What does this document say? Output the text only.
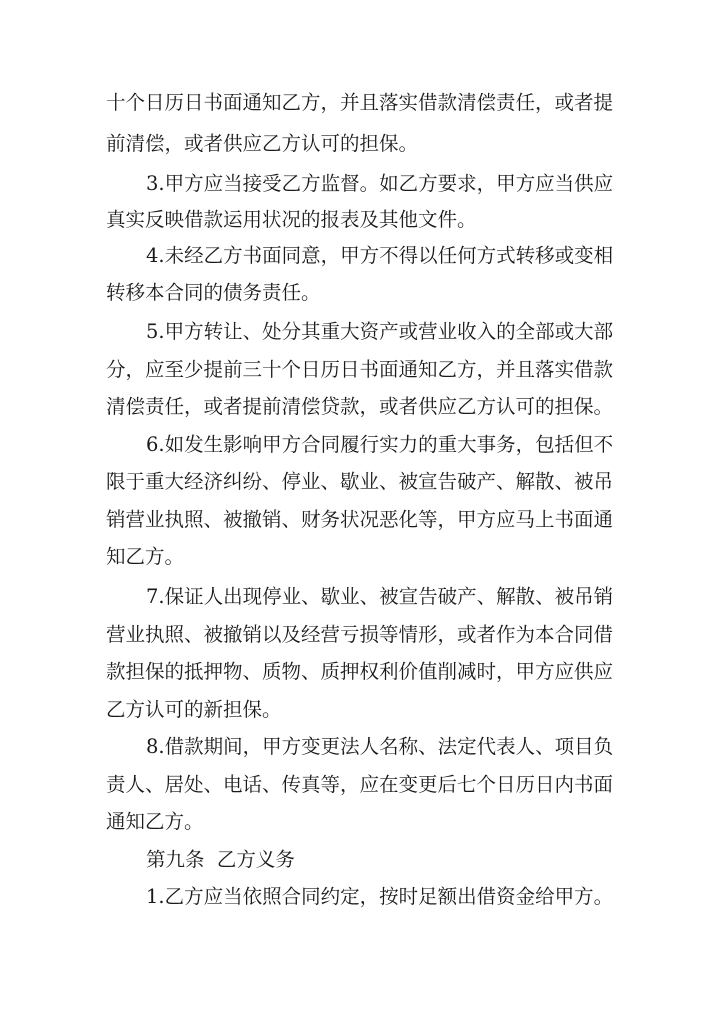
十个日历日书面通知乙方，并且落实借款清偿责任，或者提
前清偿，或者供应乙方认可的担保。
3.甲方应当接受乙方监督。如乙方要求，甲方应当供应
真实反映借款运用状况的报表及其他文件。
4.未经乙方书面同意，甲方不得以任何方式转移或变相
转移本合同的债务责任。
5.甲方转让、处分其重大资产或营业收入的全部或大部
分，应至少提前三十个日历日书面通知乙方，并且落实借款
清偿责任，或者提前清偿贷款，或者供应乙方认可的担保。
6.如发生影响甲方合同履行实力的重大事务，包括但不
限于重大经济纠纷、停业、歇业、被宣告破产、解散、被吊
销营业执照、被撤销、财务状况恶化等，甲方应马上书面通
知乙方。
7.保证人出现停业、歇业、被宣告破产、解散、被吊销
营业执照、被撤销以及经营亏损等情形，或者作为本合同借
款担保的抵押物、质物、质押权利价值削减时，甲方应供应
乙方认可的新担保。
8.借款期间，甲方变更法人名称、法定代表人、项目负
责人、居处、电话、传真等，应在变更后七个日历日内书面
通知乙方。
第九条  乙方义务
1.乙方应当依照合同约定，按时足额出借资金给甲方。
